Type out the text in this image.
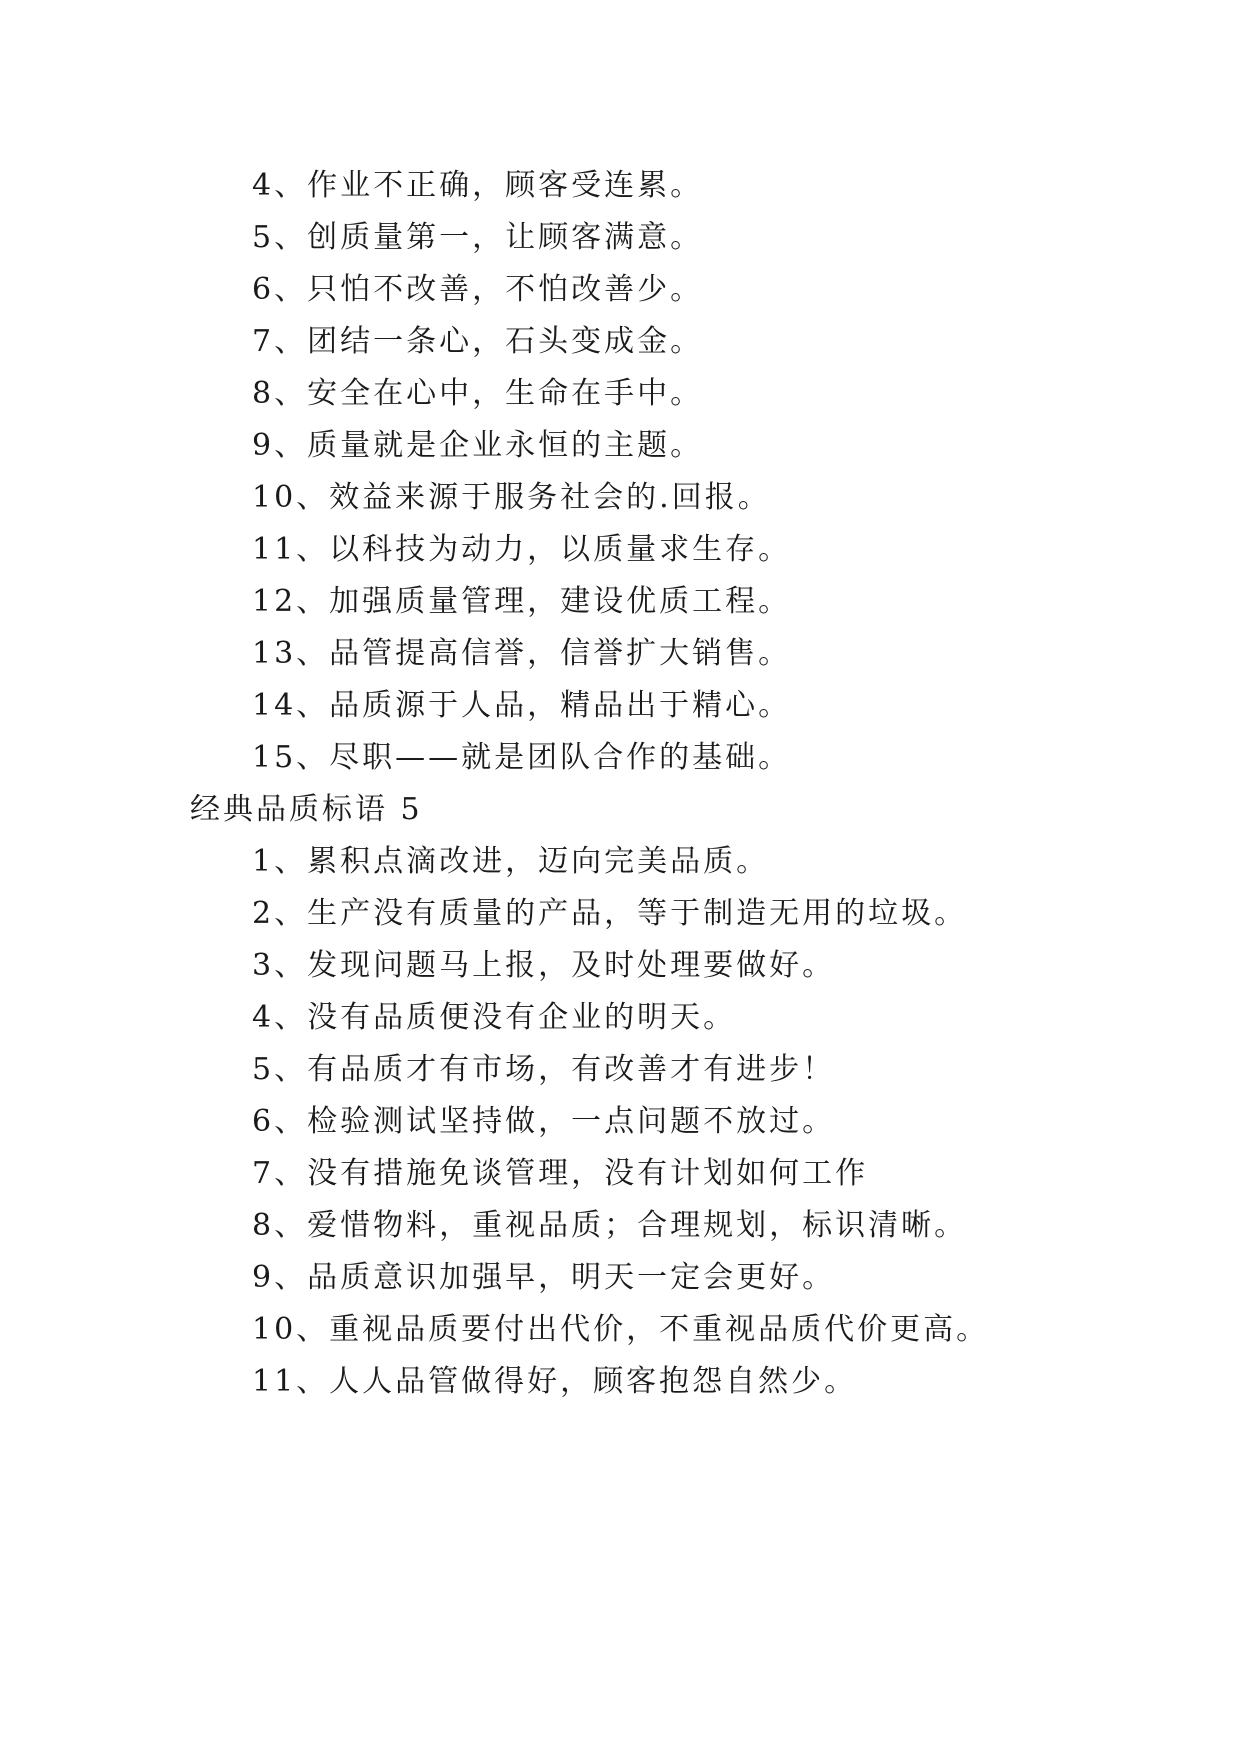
4、作业不正确，顾客受连累。
5、创质量第一，让顾客满意。
6、只怕不改善，不怕改善少。
7、团结一条心，石头变成金。
8、安全在心中，生命在手中。
9、质量就是企业永恒的主题。
10、效益来源于服务社会的.回报。
11、以科技为动力，以质量求生存。
12、加强质量管理，建设优质工程。
13、品管提高信誉，信誉扩大销售。
14、品质源于人品，精品出于精心。
15、尽职——就是团队合作的基础。
经典品质标语 5
1、累积点滴改进，迈向完美品质。
2、生产没有质量的产品，等于制造无用的垃圾。
3、发现问题马上报，及时处理要做好。
4、没有品质便没有企业的明天。
5、有品质才有市场，有改善才有进步！
6、检验测试坚持做，一点问题不放过。
7、没有措施免谈管理，没有计划如何工作
8、爱惜物料，重视品质；合理规划，标识清晰。
9、品质意识加强早，明天一定会更好。
10、重视品质要付出代价，不重视品质代价更高。
11、人人品管做得好，顾客抱怨自然少。
